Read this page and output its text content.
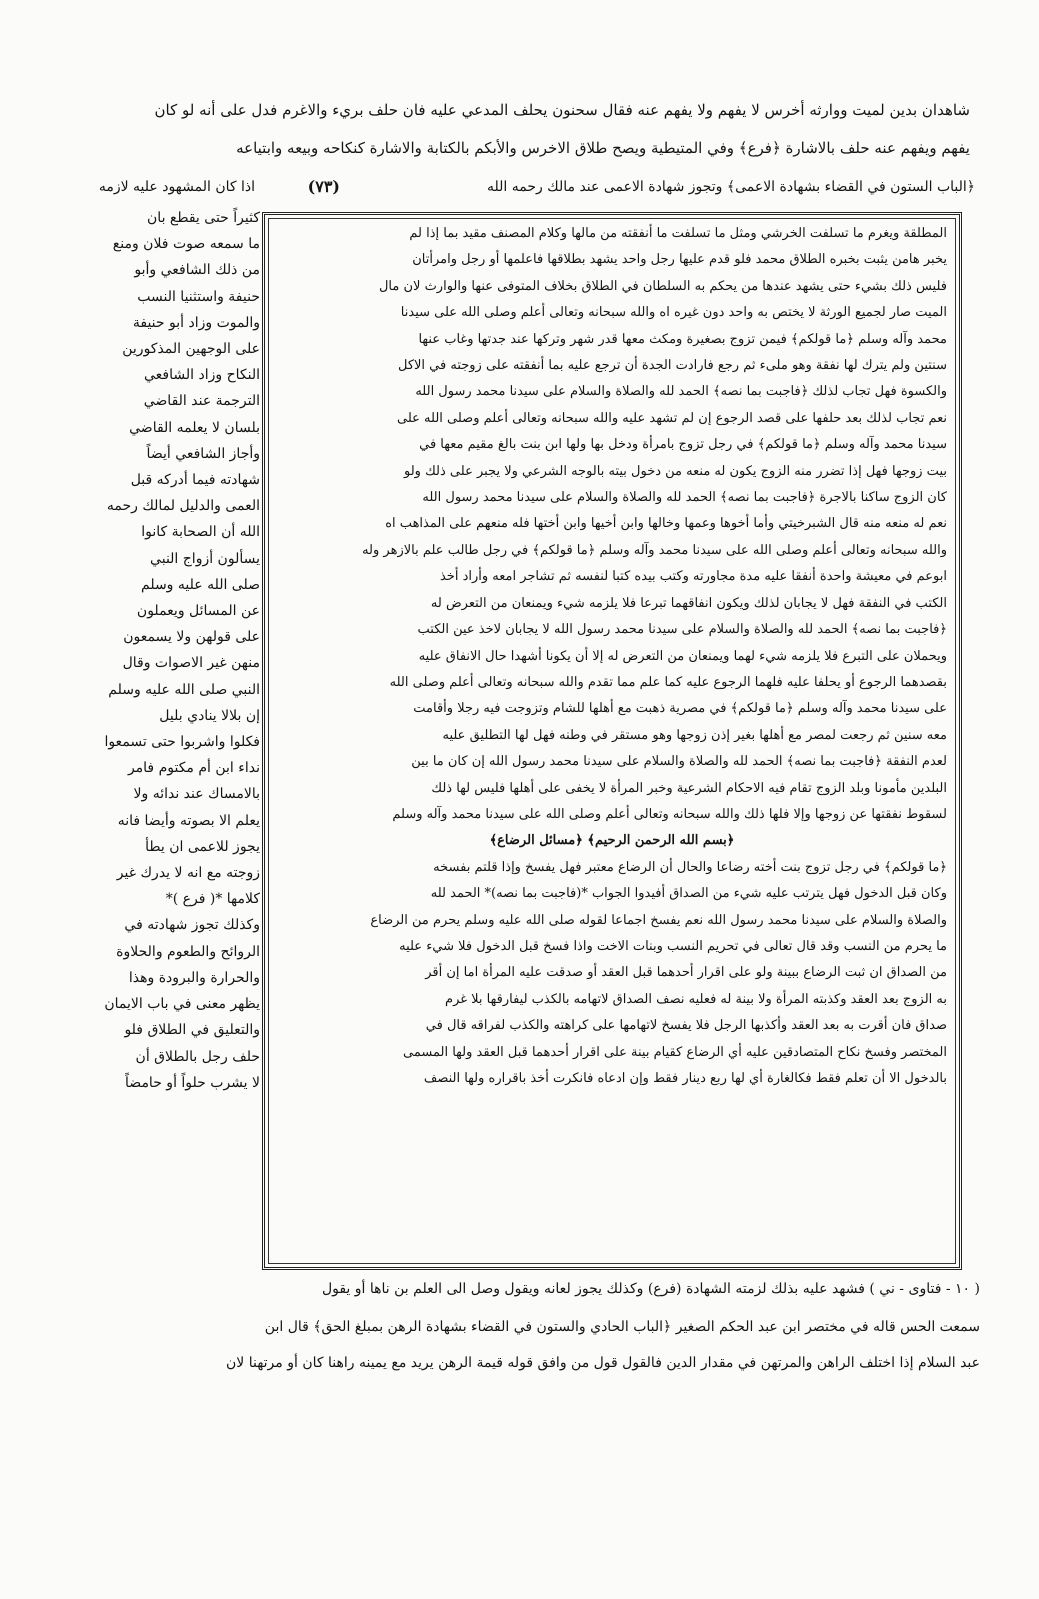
شاهدان بدين لميت ووارثه أخرس لا يفهم ولا يفهم عنه فقال سحنون يحلف المدعي عليه فان حلف بريء والاغرم فدل على أنه لو كان
يفهم ويفهم عنه حلف بالاشارة ﴿فرع﴾ وفي المتيطية ويصح طلاق الاخرس والأبكم بالكتابة والاشارة كنكاحه وبيعه وابتياعه
﴿الباب الستون في القضاء بشهادة الاعمى﴾ وتجوز شهادة الاعمى عند مالك رحمه الله
(٧٣)
اذا كان المشهود عليه لازمه
كثيراً حتى يقطع بان
ما سمعه صوت فلان ومنع
من ذلك الشافعي وأبو
حنيفة واستثنيا النسب
والموت وزاد أبو حنيفة
على الوجهين المذكورين
النكاح وزاد الشافعي
الترجمة عند القاضي
بلسان لا يعلمه القاضي
وأجاز الشافعي أيضاً
شهادته فيما أدركه قبل
العمى والدليل لمالك رحمه
الله أن الصحابة كانوا
يسألون أزواج النبي
صلى الله عليه وسلم
عن المسائل ويعملون
على قولهن ولا يسمعون
منهن غير الاصوات وقال
النبي صلى الله عليه وسلم
إن بلالا ينادي بليل
فكلوا واشربوا حتى تسمعوا
نداء ابن أم مكتوم فامر
بالامساك عند ندائه ولا
يعلم الا بصوته وأيضا فانه
يجوز للاعمى ان يطأ
زوجته مع انه لا يدرك غير
كلامها *( فرع )*
وكذلك تجوز شهادته في
الروائح والطعوم والحلاوة
والحرارة والبرودة وهذا
يظهر معنى في باب الايمان
والتعليق في الطلاق فلو
حلف رجل بالطلاق أن
لا يشرب حلواً أو حامضاً
المطلقة ويغرم ما تسلفت الخرشي ومثل ما تسلفت ما أنفقته من مالها وكلام المصنف مقيد بما إذا لم
يخبر هامن يثبت بخبره الطلاق محمد فلو قدم عليها رجل واحد يشهد بطلاقها فاعلمها أو رجل وامرأتان
فليس ذلك بشيء حتى يشهد عندها من يحكم به السلطان في الطلاق بخلاف المتوفى عنها والوارث لان مال
الميت صار لجميع الورثة لا يختص به واحد دون غيره اه والله سبحانه وتعالى أعلم وصلى الله على سيدنا
محمد وآله وسلم ﴿ما قولكم﴾ فيمن تزوج بصغيرة ومكث معها قدر شهر وتركها عند جدتها وغاب عنها
سنتين ولم يترك لها نفقة وهو ملىء ثم رجع فارادت الجدة أن ترجع عليه بما أنفقته على زوجته في الاكل
والكسوة فهل تجاب لذلك ﴿فاجبت بما نصه﴾ الحمد لله والصلاة والسلام على سيدنا محمد رسول الله
نعم تجاب لذلك بعد حلفها على قصد الرجوع إن لم تشهد عليه والله سبحانه وتعالى أعلم وصلى الله على
سيدنا محمد وآله وسلم ﴿ما قولكم﴾ في رجل تزوج بامرأة ودخل بها ولها ابن بنت بالغ مقيم معها في
بيت زوجها فهل إذا تضرر منه الزوج يكون له منعه من دخول بيته بالوجه الشرعي ولا يجبر على ذلك ولو
كان الزوج ساكنا بالاجرة ﴿فاجبت بما نصه﴾ الحمد لله والصلاة والسلام على سيدنا محمد رسول الله
نعم له منعه منه قال الشبرخيتي وأما أخوها وعمها وخالها وابن أخيها وابن أختها فله منعهم على المذاهب اه
والله سبحانه وتعالى أعلم وصلى الله على سيدنا محمد وآله وسلم ﴿ما قولكم﴾ في رجل طالب علم بالازهر وله
ابوعم في معيشة واحدة أنفقا عليه مدة مجاورته وكتب بيده كتبا لنفسه ثم تشاجر امعه وأراد أخذ
الكتب في النفقة فهل لا يجابان لذلك ويكون انفاقهما تبرعا فلا يلزمه شيء ويمنعان من التعرض له
﴿فاجبت بما نصه﴾ الحمد لله والصلاة والسلام على سيدنا محمد رسول الله لا يجابان لاخذ عين الكتب
ويحملان على التبرع فلا يلزمه شيء لهما ويمنعان من التعرض له إلا أن يكونا أشهدا حال الانفاق عليه
بقصدهما الرجوع أو يحلفا عليه فلهما الرجوع عليه كما علم مما تقدم والله سبحانه وتعالى أعلم وصلى الله
على سيدنا محمد وآله وسلم ﴿ما قولكم﴾ في مصرية ذهبت مع أهلها للشام وتزوجت فيه رجلا وأقامت
معه سنين ثم رجعت لمصر مع أهلها بغير إذن زوجها وهو مستقر في وطنه فهل لها التطليق عليه
لعدم النفقة ﴿فاجبت بما نصه﴾ الحمد لله والصلاة والسلام على سيدنا محمد رسول الله إن كان ما بين
البلدين مأمونا وبلد الزوج تقام فيه الاحكام الشرعية وخبر المرأة لا يخفى على أهلها فليس لها ذلك
لسقوط نفقتها عن زوجها وإلا فلها ذلك والله سبحانه وتعالى أعلم وصلى الله على سيدنا محمد وآله وسلم
﴿بسم الله الرحمن الرحيم﴾ ﴿مسائل الرضاع﴾
﴿ما قولكم﴾ في رجل تزوج بنت أخته رضاعا والحال أن الرضاع معتبر فهل يفسخ وإذا قلتم بفسخه
وكان قبل الدخول فهل يترتب عليه شيء من الصداق أفيدوا الجواب *(فاجبت بما نصه)* الحمد لله
والصلاة والسلام على سيدنا محمد رسول الله نعم يفسخ اجماعا لقوله صلى الله عليه وسلم يحرم من الرضاع
ما يحرم من النسب وقد قال تعالى في تحريم النسب وبنات الاخت واذا فسخ قبل الدخول فلا شيء عليه
من الصداق ان ثبت الرضاع ببينة ولو على اقرار أحدهما قبل العقد أو صدقت عليه المرأة اما إن أقر
به الزوج بعد العقد وكذبته المرأة ولا بينة له فعليه نصف الصداق لاتهامه بالكذب ليفارقها بلا غرم
صداق فان أقرت به بعد العقد وأكذبها الرجل فلا يفسخ لاتهامها على كراهته والكذب لفراقه قال في
المختصر وفسخ نكاح المتصادقين عليه أي الرضاع كقيام بينة على اقرار أحدهما قبل العقد ولها المسمى
بالدخول الا أن تعلم فقط فكالغارة أي لها ربع دينار فقط وإن ادعاه فانكرت أخذ باقراره ولها النصف
( ١٠ - فتاوى - ني ) فشهد عليه بذلك لزمته الشهادة (فرع) وكذلك يجوز لعانه ويقول وصل الى العلم بن ناها أو يقول
سمعت الحس قاله في مختصر ابن عبد الحكم الصغير ﴿الباب الحادي والستون في القضاء بشهادة الرهن بمبلغ الحق﴾ قال ابن
عبد السلام إذا اختلف الراهن والمرتهن في مقدار الدين فالقول قول من وافق قوله قيمة الرهن يريد مع يمينه راهنا كان أو مرتهنا لان
